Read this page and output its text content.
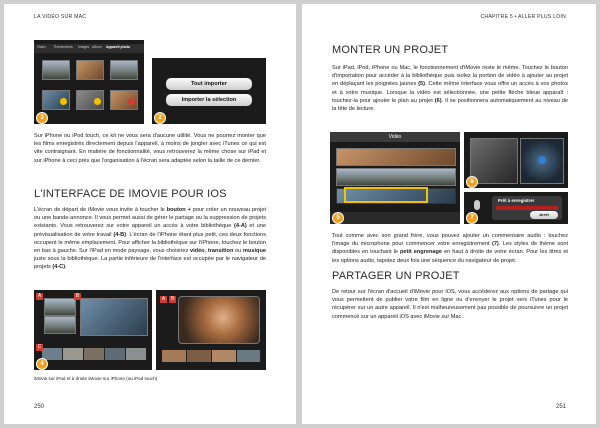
LA VIDÉO SUR MAC
Vidéo Événements Images Album Appareil photo
3
Tout importer
Importer la sélection
2
Sur iPhone ou iPod touch, ce kit ne vous sera d'aucune utilité. Vous ne pourrez monter que les films enregistrés directement depuis l'appareil, à moins de jongler avec iTunes ce qui est vite contraignant. En matière de fonctionnalité, vous retrouverez la même chose sur iPad et sur iPhone à ceci près que l'organisation à l'écran sera adaptée selon la taille de ce dernier.
L'INTERFACE DE IMOVIE POUR IOS
L'écran de départ de iMovie vous invite à toucher le bouton + pour créer un nouveau projet ou une bande-annonce. Il vous permet aussi de gérer le partage ou la suppression de projets existants. Vous retrouverez sur votre appareil un accès à votre bibliothèque (4-A) et une prévisualisation de votre travail (4-B). L'écran de l'iPhone étant plus petit, ces deux fonctions occupent le même emplacement. Pour afficher la bibliothèque sur l'iPhone, touchez le bouton en bas à gauche. Sur l'iPad en mode paysage, vous choisirez vidéo, transition ou musique juste sous la bibliothèque. La partie inférieure de l'interface est occupée par le navigateur de projets (4-C).
A	B
C
4
A	B
iMovie sur iPad et à droite iMovie sur iPhone (ou iPod touch)
250
CHAPITRE 5 • ALLER PLUS LOIN
MONTER UN PROJET
Sur iPad, iPod, iPhone ou Mac, le fonctionnement d'iMovie reste le même. Touchez le bouton d'importation pour accéder à la bibliothèque puis isolez la portion de vidéo à ajouter au projet en déplaçant les poignées jaunes (5). Cette même interface vous offre un accès à vos photos et à votre musique. Lorsque la vidéo est sélectionnée, une petite flèche bleue apparaît : touchez-la pour ajouter le plan au projet (6). Il se positionnera automatiquement au niveau de la tête de lecture.
Vidéo
5
6
Prêt à enregistrer
Arrêt
7
Tout comme avec son grand frère, vous pouvez ajouter un commentaire audio : touchez l'image du microphone pour commencer votre enregistrement (7). Les styles de thème sont disponibles en touchant le petit engrenage en haut à droite de votre écran. Pour les titres et les options audio, tapotez deux fois une séquence du navigateur de projet.
PARTAGER UN PROJET
De retour sur l'écran d'accueil d'iMovie pour iOS, vous accéderez aux options de partage qui vous permettent de publier votre film en ligne ou d'envoyer le projet vers iTunes pour le récupérer sur un autre appareil. Il n'est malheureusement pas possible de poursuivre un projet commencé sur un appareil iOS avec iMovie sur Mac.
251
